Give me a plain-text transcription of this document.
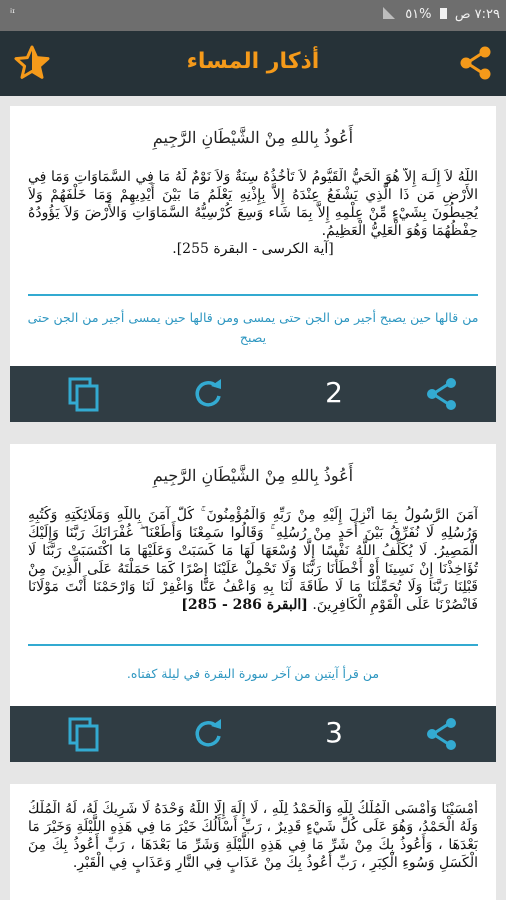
ⁱᶦ	٧:٢٩ ص  %٥١
أذكار المساء
أَعُوذُ بِاللهِ مِنْ الشَّيْطَانِ الرَّجِيمِ
اللّهُ لاَ إِلَـهَ إِلاَّ هُوَ الْحَيُّ الْقَيُّومُ لاَ تَأْخُذُهُ سِنَةٌ وَلاَ نَوْمٌ لَّهُ مَا فِي السَّمَاوَاتِ وَمَا فِي الأَرْضِ مَن ذَا الَّذِي يَشْفَعُ عِنْدَهُ إِلاَّ بِإِذْنِهِ يَعْلَمُ مَا بَيْنَ أَيْدِيهِمْ وَمَا خَلْفَهُمْ وَلاَ يُحِيطُونَ بِشَيْءٍ مِّنْ عِلْمِهِ إِلاَّ بِمَا شَاء وَسِعَ كُرْسِيُّهُ السَّمَاوَاتِ وَالأَرْضَ وَلاَ يَؤُودُهُ حِفْظُهُمَا وَهُوَ الْعَلِيُّ الْعَظِيمُ.
[آية الكرسى - البقرة 255].
من قالها حين يصبح أجير من الجن حتى يمسى ومن قالها حين يمسى أجير من الجن حتى يصبح
2
أَعُوذُ بِاللهِ مِنْ الشَّيْطَانِ الرَّجِيمِ
آمَنَ الرَّسُولُ بِمَا أُنْزِلَ إِلَيْهِ مِنْ رَبِّهِ وَالْمُؤْمِنُونَ ۚ كُلٌّ آمَنَ بِاللَّهِ وَمَلَائِكَتِهِ وَكُتُبِهِ وَرُسُلِهِ لَا نُفَرِّقُ بَيْنَ أَحَدٍ مِنْ رُسُلِهِ ۚ وَقَالُوا سَمِعْنَا وَأَطَعْنَا ۖ غُفْرَانَكَ رَبَّنَا وَإِلَيْكَ الْمَصِيرُ. لَا يُكَلِّفُ اللَّهُ نَفْسًا إِلَّا وُسْعَهَا لَهَا مَا كَسَبَتْ وَعَلَيْهَا مَا اكْتَسَبَتْ رَبَّنَا لَا تُؤَاخِذْنَا إِنْ نَسِينَا أَوْ أَخْطَأْنَا رَبَّنَا وَلَا تَحْمِلْ عَلَيْنَا إِصْرًا كَمَا حَمَلْتَهُ عَلَى الَّذِينَ مِنْ قَبْلِنَا رَبَّنَا وَلَا تُحَمِّلْنَا مَا لَا طَاقَةَ لَنَا بِهِ وَاعْفُ عَنَّا وَاغْفِرْ لَنَا وَارْحَمْنَا أَنْتَ مَوْلَانَا فَانْصُرْنَا عَلَى الْقَوْمِ الْكَافِرِينَ. [البقرة 286 - 285]
من قرأ آيتين من آخر سورة البقرة في ليلة كفتاه.
3
أَمْسَيْنَا وَأَمْسَى الْمُلْكُ لِلَّهِ وَالْحَمْدُ لِلَّهِ ، لَا إِلَهَ إِلَّا اللَّهُ وَحْدَهُ لَا شَرِيكَ لَهُ، لَهُ الْمُلْكُ وَلَهُ الْحَمْدُ، وَهُوَ عَلَى كُلِّ شَيْءٍ قَدِيرٌ ، رَبِّ أَسْأَلُكَ خَيْرَ مَا فِي هَذِهِ اللَّيْلَةِ وَخَيْرَ مَا بَعْدَهَا ، وَأَعُوذُ بِكَ مِنْ شَرِّ مَا فِي هَذِهِ اللَّيْلَةِ وَشَرِّ مَا بَعْدَهَا ، رَبِّ أَعُوذُ بِكَ مِنَ الْكَسَلِ وَسُوءِ الْكِبَرِ ، رَبِّ أَعُوذُ بِكَ مِنْ عَذَابٍ فِي النَّارِ وَعَذَابٍ فِي الْقَبْرِ.
